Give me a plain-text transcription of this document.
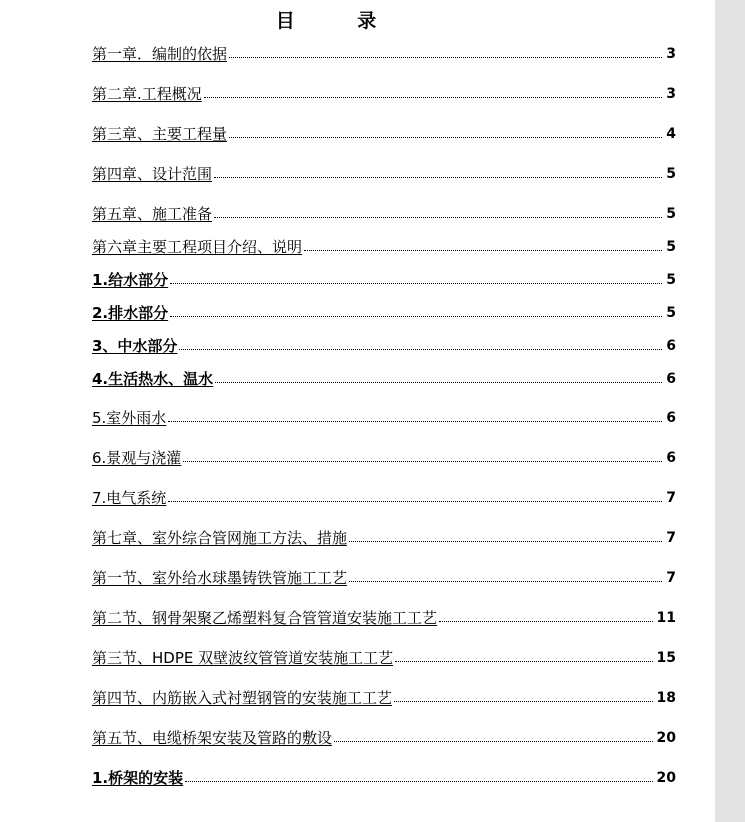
目 录
第一章．编制的依据	3
第二章.工程概况	3
第三章、主要工程量	4
第四章、设计范围	5
第五章、施工准备	5
第六章主要工程项目介绍、说明	5
1.给水部分	5
2.排水部分	5
3、中水部分	6
4.生活热水、温水	6
5.室外雨水	6
6.景观与浇灌	6
7.电气系统	7
第七章、室外综合管网施工方法、措施	7
第一节、室外给水球墨铸铁管施工工艺	7
第二节、钢骨架聚乙烯塑料复合管管道安装施工工艺	11
第三节、HDPE 双壁波纹管管道安装施工工艺	15
第四节、内筋嵌入式衬塑钢管的安装施工工艺	18
第五节、电缆桥架安装及管路的敷设	20
1.桥架的安装	20
